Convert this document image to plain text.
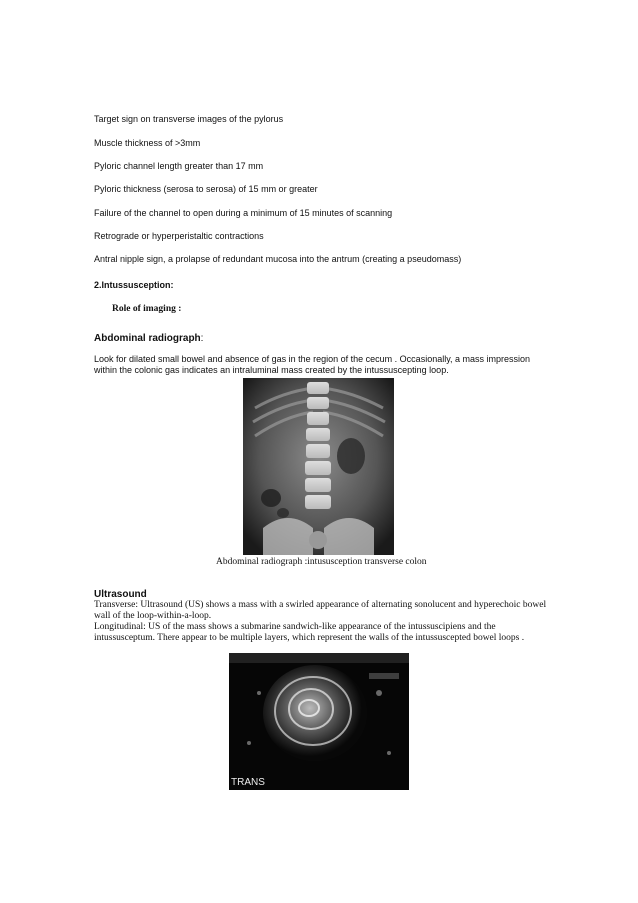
Target sign on transverse images of the pylorus
Muscle thickness of >3mm
Pyloric channel length greater than 17 mm
Pyloric thickness (serosa to serosa) of 15 mm or greater
Failure of the channel to open during a minimum of 15 minutes of scanning
Retrograde or hyperperistaltic contractions
Antral nipple sign, a prolapse of redundant mucosa into the antrum (creating a pseudomass)
2.Intussusception:
Role of imaging :
Abdominal radiograph:
Look for dilated small bowel and absence of gas in the region of the cecum . Occasionally, a mass impression within the colonic gas indicates an intraluminal mass created by the intussuscepting loop.
Abdominal radiograph :intususception transverse colon
Ultrasound
Transverse: Ultrasound (US) shows a mass with a swirled appearance of alternating sonolucent and hyperechoic bowel wall of the loop-within-a-loop.
Longitudinal: US of the mass shows a submarine sandwich-like appearance of the intussuscipiens and the intussusceptum. There appear to be multiple layers, which represent the walls of the intussuscepted bowel loops .
TRANS
